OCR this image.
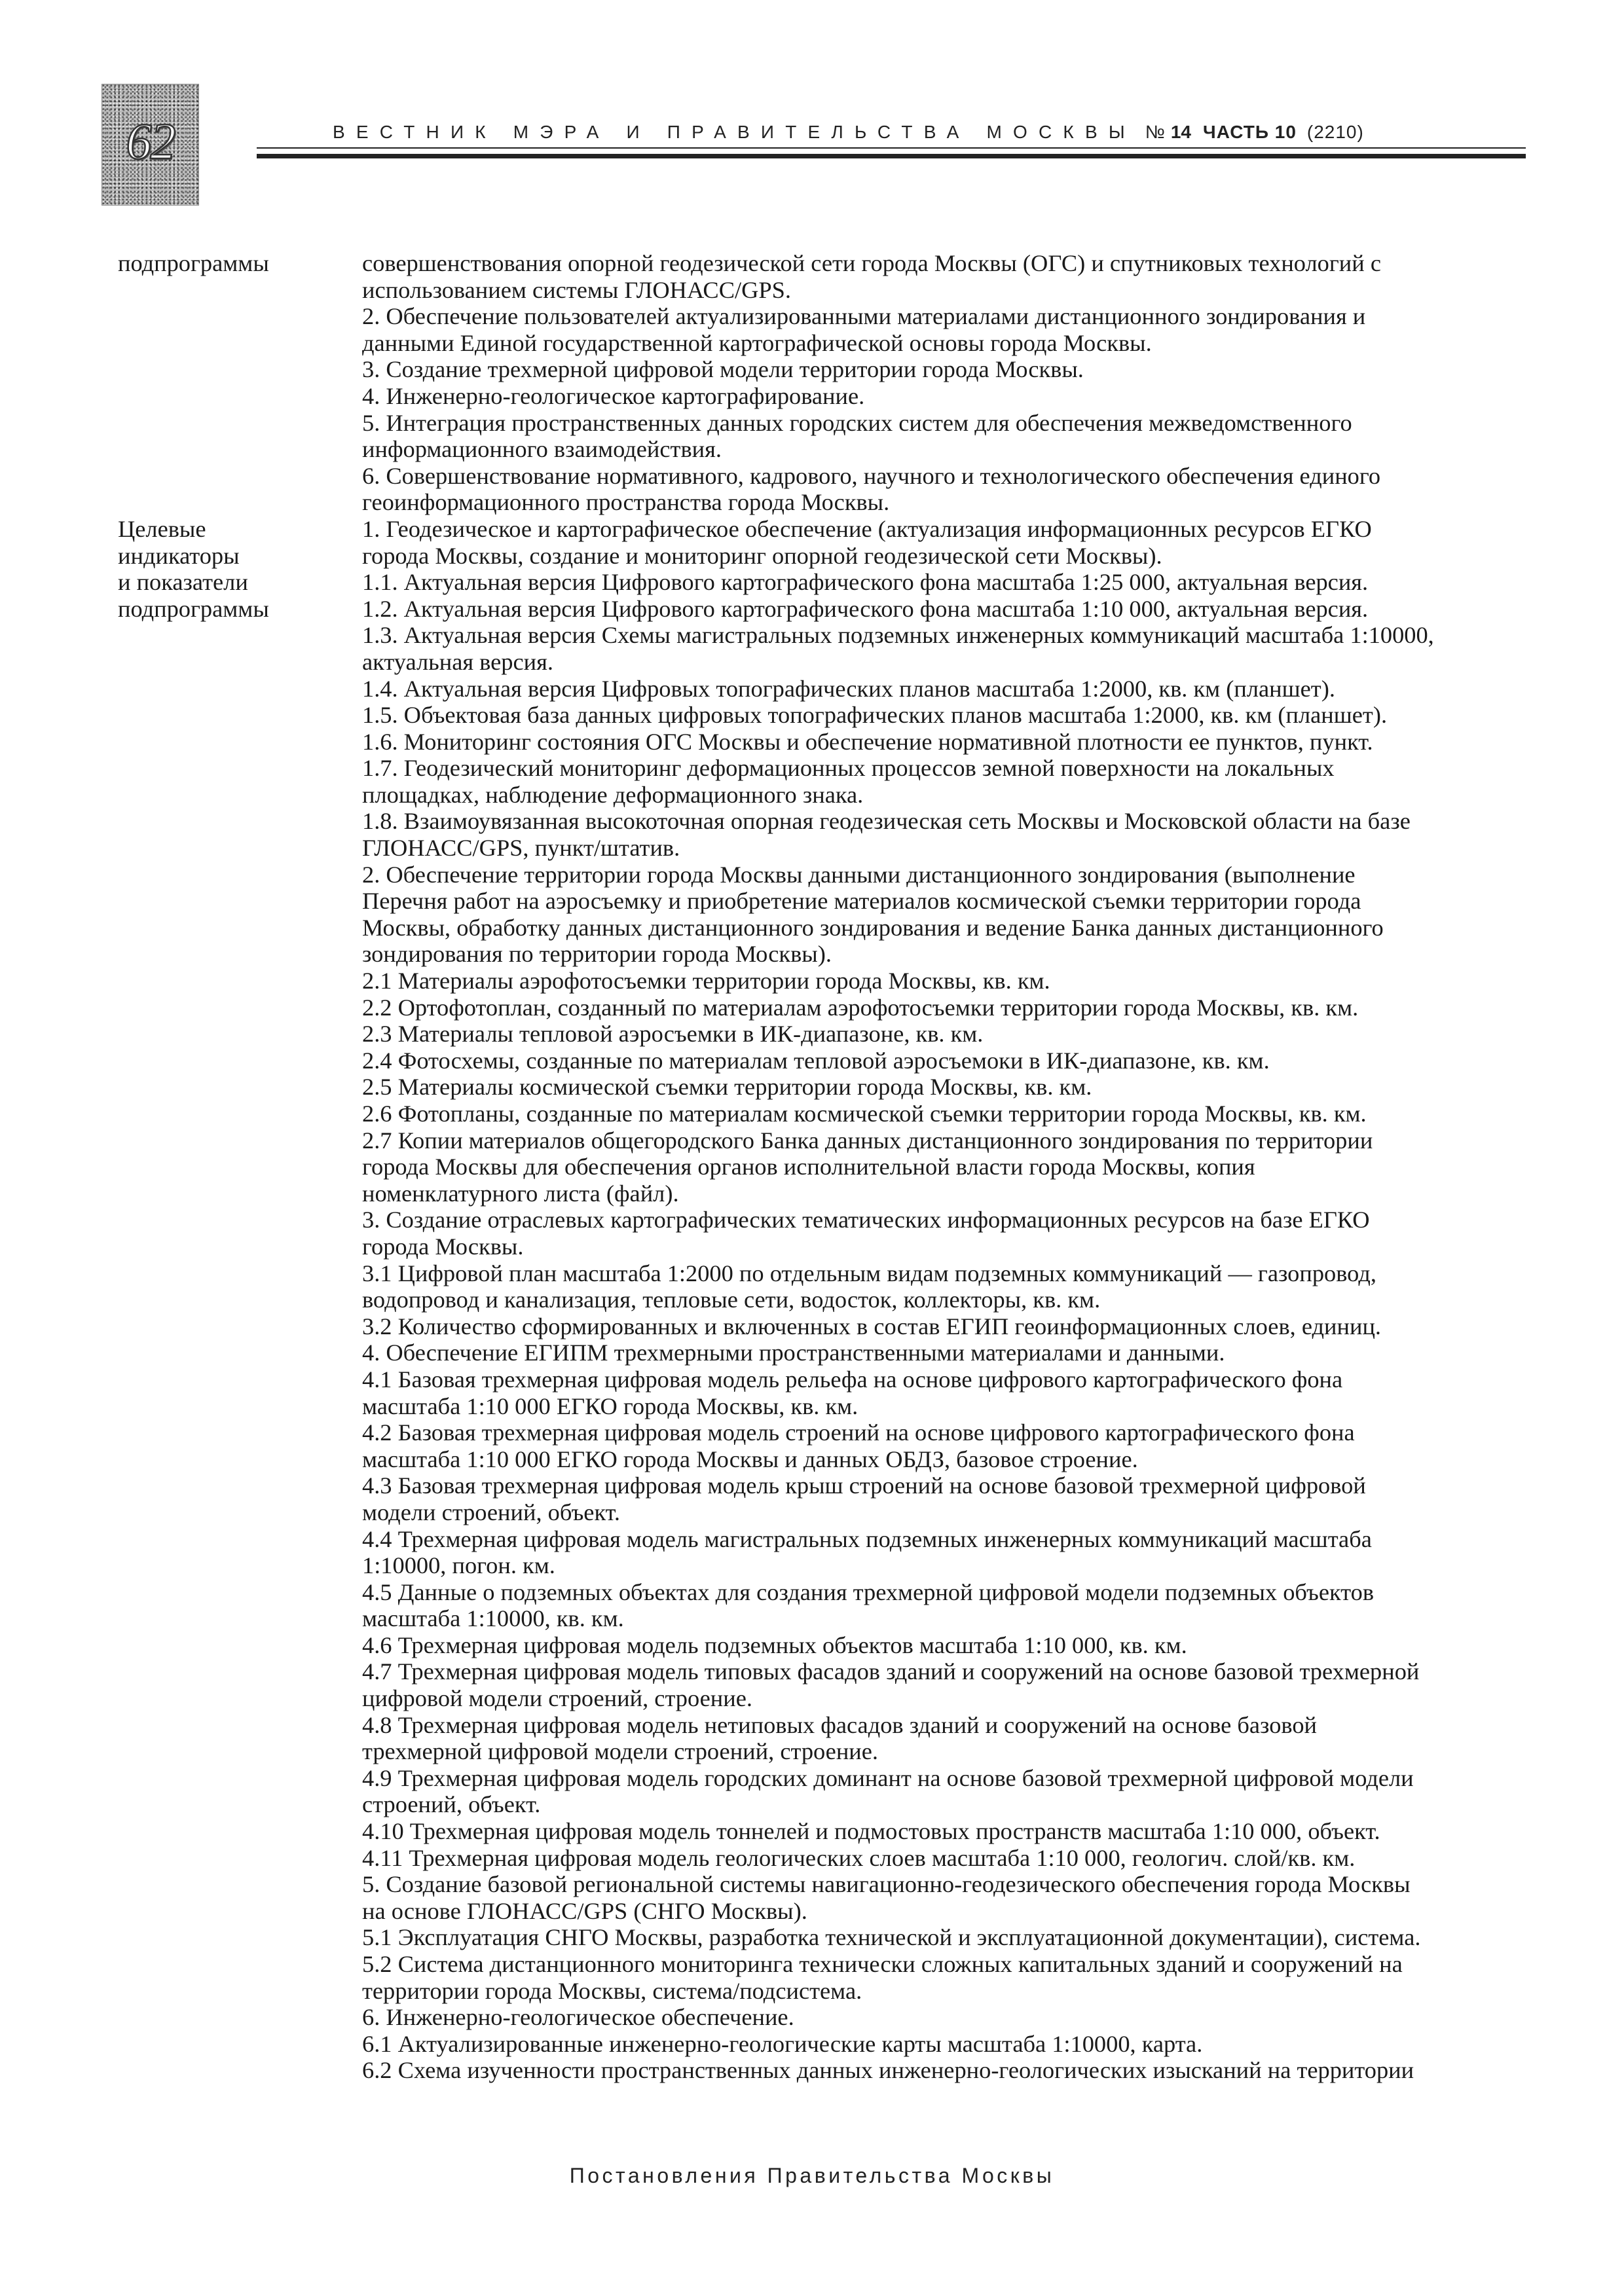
62	ВЕСТНИК МЭРА И ПРАВИТЕЛЬСТВА МОСКВЫ № 14 ЧАСТЬ 10 (2210)
подпрограммы	совершенствования опорной геодезической сети города Москвы (ОГС) и спутниковых технологий с
использованием системы ГЛОНАСС/GPS.
2. Обеспечение пользователей актуализированными материалами дистанционного зондирования и
данными Единой государственной картографической основы города Москвы.
3. Создание трехмерной цифровой модели территории города Москвы.
4. Инженерно-геологическое картографирование.
5. Интеграция пространственных данных городских систем для обеспечения межведомственного
информационного взаимодействия.
6. Совершенствование нормативного, кадрового, научного и технологического обеспечения единого
геоинформационного пространства города Москвы.
Целевые
индикаторы
и показатели
подпрограммы
1. Геодезическое и картографическое обеспечение (актуализация информационных ресурсов ЕГКО
города Москвы, создание и мониторинг опорной геодезической сети Москвы).
1.1. Актуальная версия Цифрового картографического фона масштаба 1:25 000, актуальная версия.
1.2. Актуальная версия Цифрового картографического фона масштаба 1:10 000, актуальная версия.
1.3. Актуальная версия Схемы магистральных подземных инженерных коммуникаций масштаба 1:10000,
актуальная версия.
1.4. Актуальная версия Цифровых топографических планов масштаба 1:2000, кв. км (планшет).
1.5. Объектовая база данных цифровых топографических планов масштаба 1:2000, кв. км (планшет).
1.6. Мониторинг состояния ОГС Москвы и обеспечение нормативной плотности ее пунктов, пункт.
1.7. Геодезический мониторинг деформационных процессов земной поверхности на локальных
площадках, наблюдение деформационного знака.
1.8. Взаимоувязанная высокоточная опорная геодезическая сеть Москвы и Московской области на базе
ГЛОНАСС/GPS, пункт/штатив.
2. Обеспечение территории города Москвы данными дистанционного зондирования (выполнение
Перечня работ на аэросъемку и приобретение материалов космической съемки территории города
Москвы, обработку данных дистанционного зондирования и ведение Банка данных дистанционного
зондирования по территории города Москвы).
2.1 Материалы аэрофотосъемки территории города Москвы, кв. км.
2.2 Ортофотоплан, созданный по материалам аэрофотосъемки территории города Москвы, кв. км.
2.3 Материалы тепловой аэросъемки в ИК-диапазоне, кв. км.
2.4 Фотосхемы, созданные по материалам тепловой аэросъемоки в ИК-диапазоне, кв. км.
2.5 Материалы космической съемки территории города Москвы, кв. км.
2.6 Фотопланы, созданные по материалам космической съемки территории города Москвы, кв. км.
2.7 Копии материалов общегородского Банка данных дистанционного зондирования по территории
города Москвы для обеспечения органов исполнительной власти города Москвы, копия
номенклатурного листа (файл).
3. Создание отраслевых картографических тематических информационных ресурсов на базе ЕГКО
города Москвы.
3.1 Цифровой план масштаба 1:2000 по отдельным видам подземных коммуникаций — газопровод,
водопровод и канализация, тепловые сети, водосток, коллекторы, кв. км.
3.2 Количество сформированных и включенных в состав ЕГИП геоинформационных слоев, единиц.
4. Обеспечение ЕГИПМ трехмерными пространственными материалами и данными.
4.1 Базовая трехмерная цифровая модель рельефа на основе цифрового картографического фона
масштаба 1:10 000 ЕГКО города Москвы, кв. км.
4.2 Базовая трехмерная цифровая модель строений на основе цифрового картографического фона
масштаба 1:10 000 ЕГКО города Москвы и данных ОБДЗ, базовое строение.
4.3 Базовая трехмерная цифровая модель крыш строений на основе базовой трехмерной цифровой
модели строений, объект.
4.4 Трехмерная цифровая модель магистральных подземных инженерных коммуникаций масштаба
1:10000, погон. км.
4.5 Данные о подземных объектах для создания трехмерной цифровой модели подземных объектов
масштаба 1:10000, кв. км.
4.6 Трехмерная цифровая модель подземных объектов масштаба 1:10 000, кв. км.
4.7 Трехмерная цифровая модель типовых фасадов зданий и сооружений на основе базовой трехмерной
цифровой модели строений, строение.
4.8 Трехмерная цифровая модель нетиповых фасадов зданий и сооружений на основе базовой
трехмерной цифровой модели строений, строение.
4.9 Трехмерная цифровая модель городских доминант на основе базовой трехмерной цифровой модели
строений, объект.
4.10 Трехмерная цифровая модель тоннелей и подмостовых пространств масштаба 1:10 000, объект.
4.11 Трехмерная цифровая модель геологических слоев масштаба 1:10 000, геологич. слой/кв. км.
5. Создание базовой региональной системы навигационно-геодезического обеспечения города Москвы
на основе ГЛОНАСС/GPS (СНГО Москвы).
5.1 Эксплуатация СНГО Москвы, разработка технической и эксплуатационной документации), система.
5.2 Система дистанционного мониторинга технически сложных капитальных зданий и сооружений на
территории города Москвы, система/подсистема.
6. Инженерно-геологическое обеспечение.
6.1 Актуализированные инженерно-геологические карты масштаба 1:10000, карта.
6.2 Схема изученности пространственных данных инженерно-геологических изысканий на территории
Постановления Правительства Москвы
